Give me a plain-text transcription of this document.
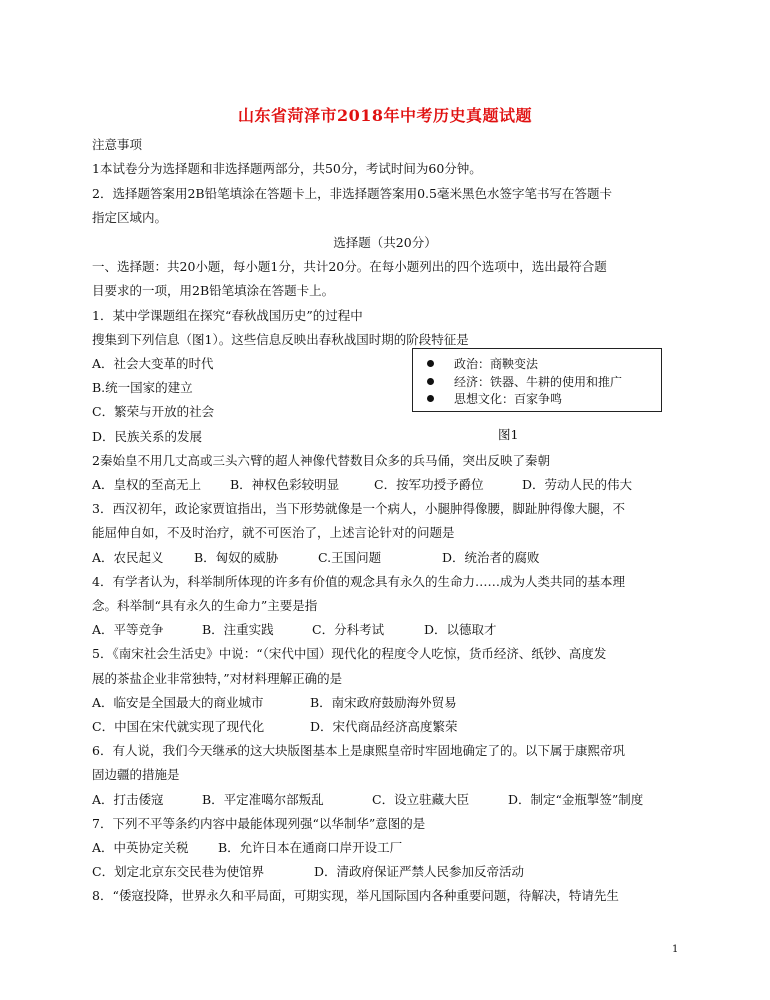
山东省菏泽市2018年中考历史真题试题
注意事项
1本试卷分为选择题和非选择题两部分，共50分，考试时间为60分钟。
2．选择题答案用2B铅笔填涂在答题卡上，非选择题答案用0.5毫米黑色水签字笔书写在答题卡
指定区域内。
选择题（共20分）
一、选择题：共20小题，每小题1分，共计20分。在每小题列出的四个选项中，选出最符合题
目要求的一项，用2B铅笔填涂在答题卡上。
1．某中学课题组在探究“春秋战国历史”的过程中
搜集到下列信息（图1）。这些信息反映出春秋战国时期的阶段特征是
A．社会大变革的时代
B.统一国家的建立
C．繁荣与开放的社会
D．民族关系的发展
政治：商鞅变法
经济：铁器、牛耕的使用和推广
思想文化：百家争鸣
图1
2秦始皇不用几丈高或三头六臂的超人神像代替数目众多的兵马俑，突出反映了秦朝
A．皇权的至高无上 B．神权色彩较明显	C．按军功授予爵位	D．劳动人民的伟大
3．西汉初年，政论家贾谊指出，当下形势就像是一个病人，小腿肿得像腰，脚趾肿得像大腿，不
能屈伸自如，不及时治疗，就不可医治了，上述言论针对的问题是
A．农民起义 B．匈奴的威胁	C.王国问题	D．统治者的腐败
4．有学者认为，科举制所体现的许多有价值的观念具有永久的生命力……成为人类共同的基本理
念。科举制“具有永久的生命力”主要是指
A．平等竞争	B．注重实践	C．分科考试	D．以德取才
5．《南宋社会生活史》中说：“（宋代中国）现代化的程度令人吃惊，货币经济、纸钞、高度发
展的茶盐企业非常独特，”对材料理解正确的是
A．临安是全国最大的商业城市	B．南宋政府鼓励海外贸易
C．中国在宋代就实现了现代化	D．宋代商品经济高度繁荣
6．有人说，我们今天继承的这大块版图基本上是康熙皇帝时牢固地确定了的。以下属于康熙帝巩
固边疆的措施是
A．打击倭寇	B．平定准噶尔部叛乱	C．设立驻藏大臣	D．制定“金瓶掣签”制度
7．下列不平等条约内容中最能体现列强“以华制华”意图的是
A．中英协定关税 B．允许日本在通商口岸开设工厂
C．划定北京东交民巷为使馆界	D．清政府保证严禁人民参加反帝活动
8．“倭寇投降，世界永久和平局面，可期实现，举凡国际国内各种重要问题，待解决，特请先生
1
